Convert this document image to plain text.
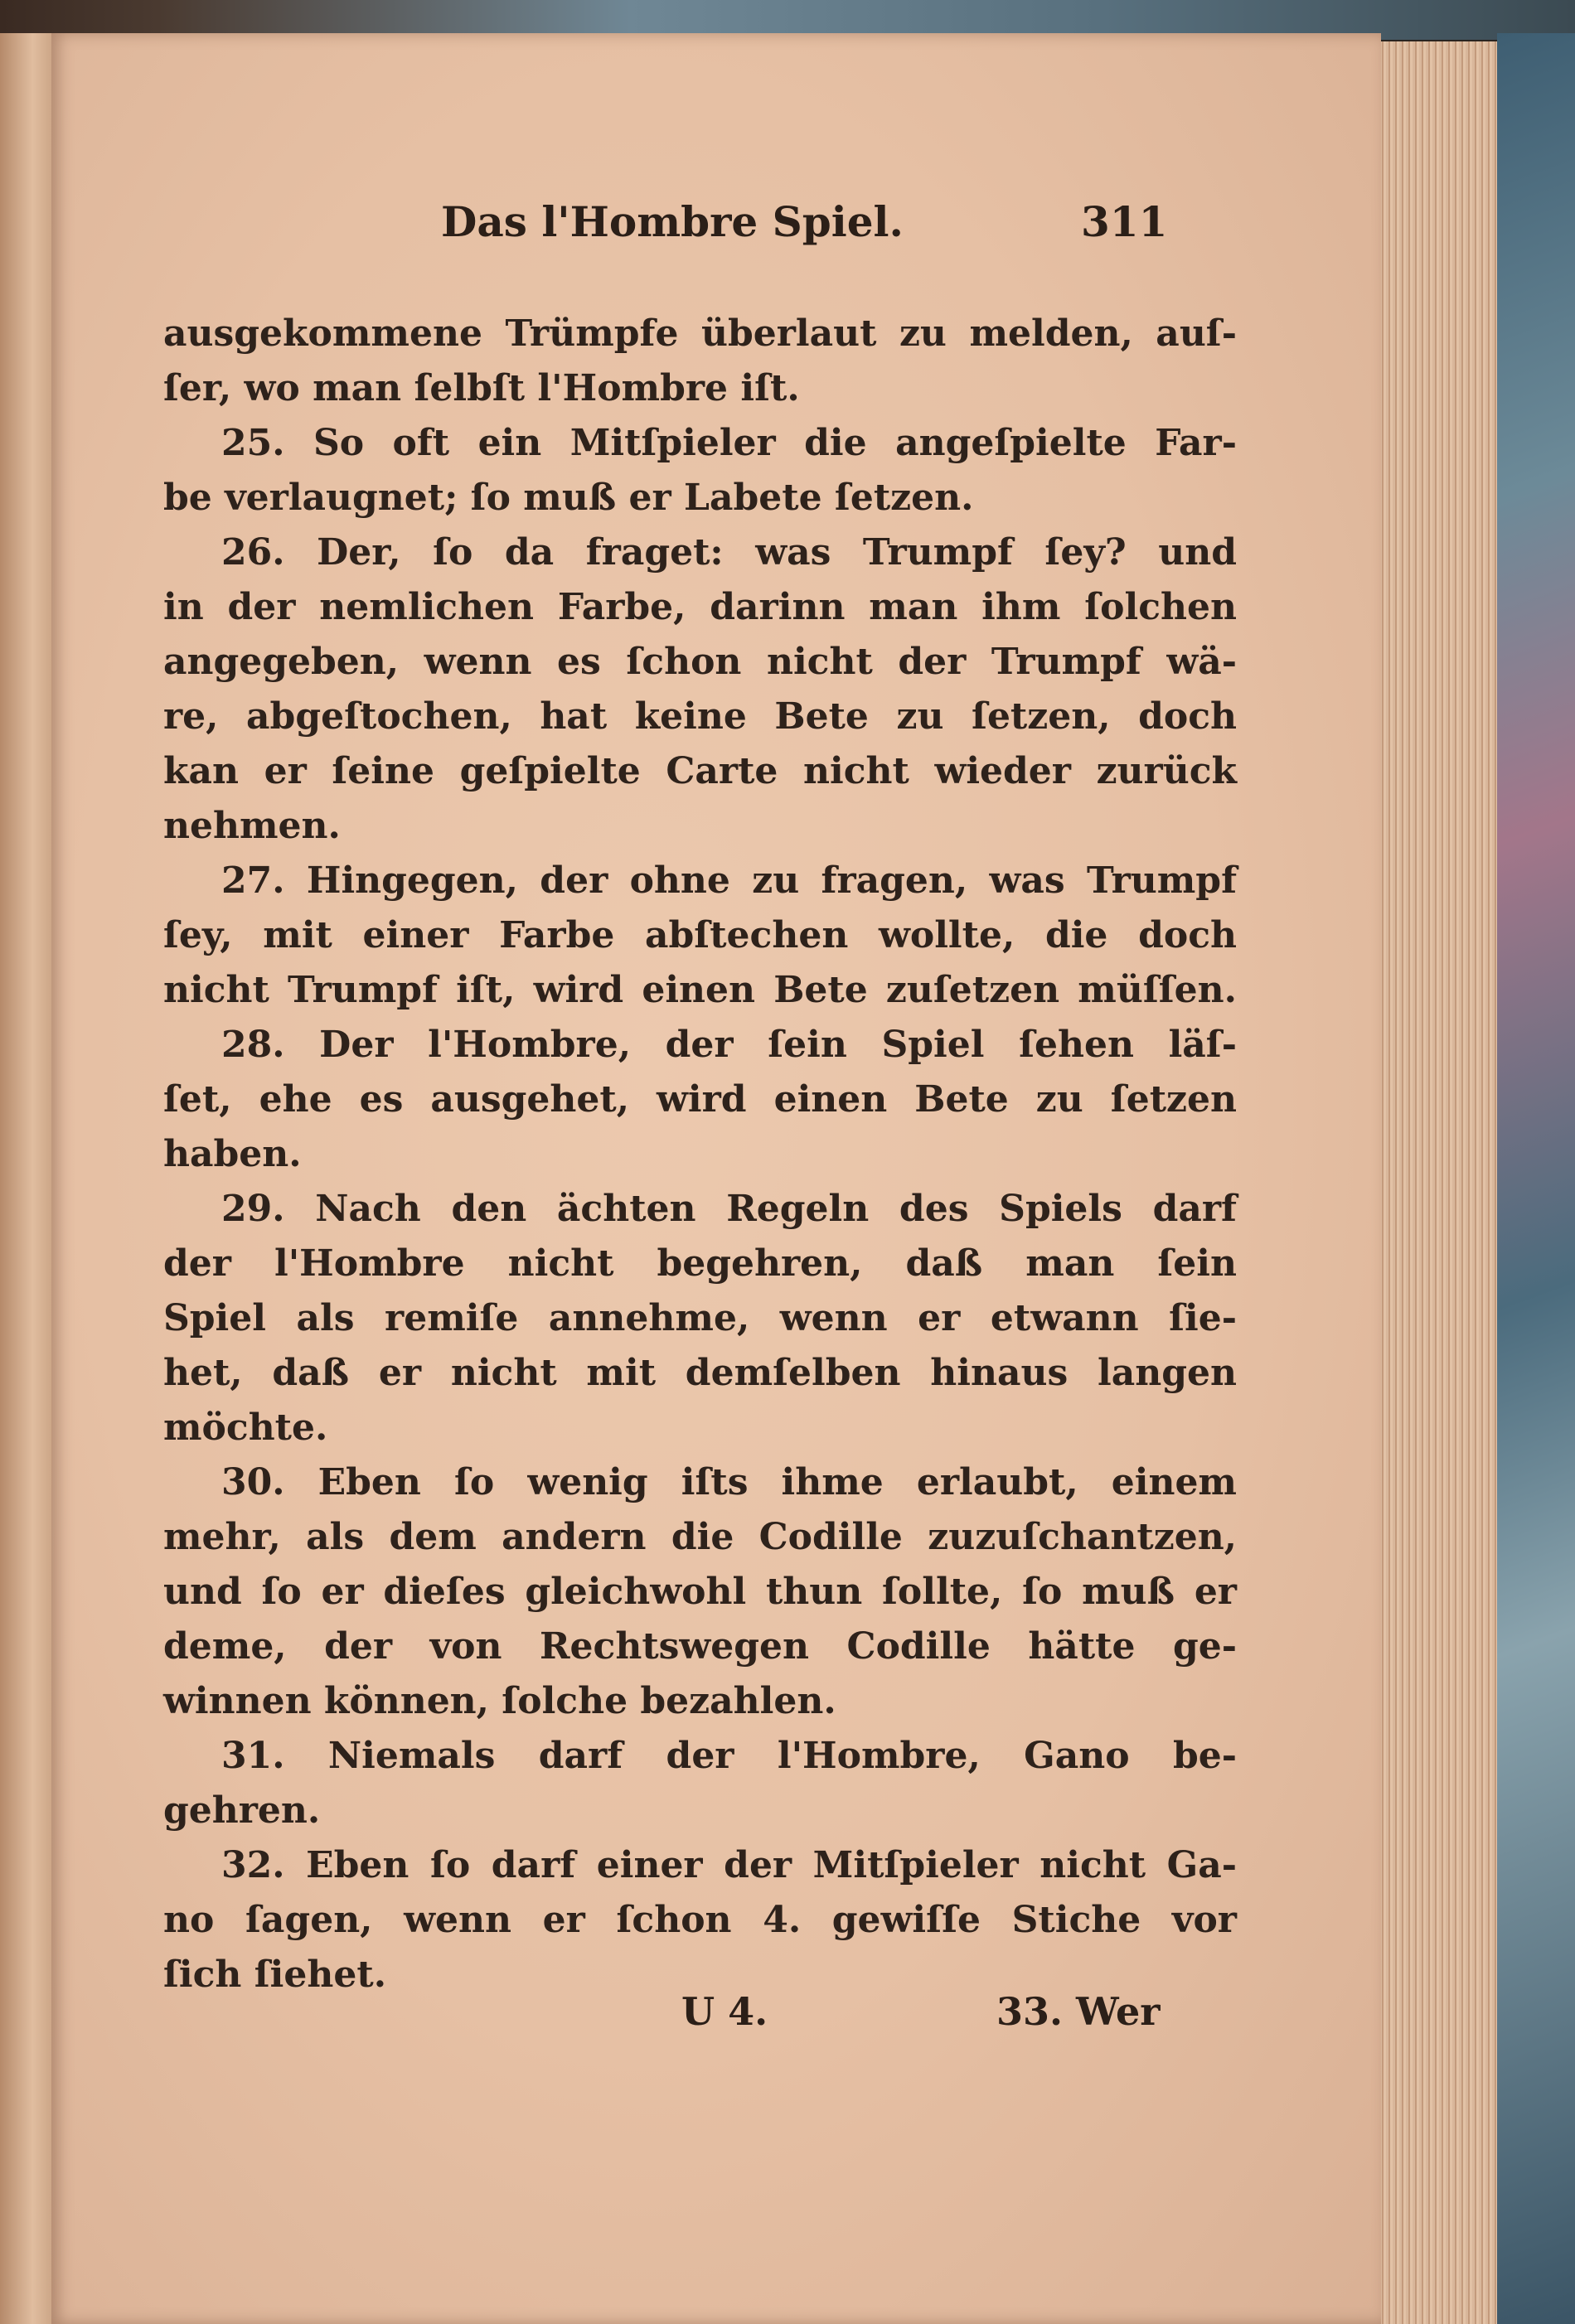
Das l'Hombre Spiel.	311
ausgekommene Trümpfe überlaut zu melden, auſ-
ſer, wo man ſelbſt l'Hombre iſt.
25. So oft ein Mitſpieler die angeſpielte Far-
be verlaugnet; ſo muß er Labete ſetzen.
26. Der, ſo da fraget: was Trumpf ſey? und
in der nemlichen Farbe, darinn man ihm ſolchen
angegeben, wenn es ſchon nicht der Trumpf wä-
re, abgeſtochen, hat keine Bete zu ſetzen, doch
kan er ſeine geſpielte Carte nicht wieder zurück
nehmen.
27. Hingegen, der ohne zu fragen, was Trumpf
ſey, mit einer Farbe abſtechen wollte, die doch
nicht Trumpf iſt, wird einen Bete zuſetzen müſſen.
28. Der l'Hombre, der ſein Spiel ſehen läſ-
ſet, ehe es ausgehet, wird einen Bete zu ſetzen
haben.
29. Nach den ächten Regeln des Spiels darf
der l'Hombre nicht begehren, daß man ſein
Spiel als remiſe annehme, wenn er etwann ſie-
het, daß er nicht mit demſelben hinaus langen
möchte.
30. Eben ſo wenig iſts ihme erlaubt, einem
mehr, als dem andern die Codille zuzuſchantzen,
und ſo er dieſes gleichwohl thun ſollte, ſo muß er
deme, der von Rechtswegen Codille hätte ge-
winnen können, ſolche bezahlen.
31. Niemals darf der l'Hombre, Gano be-
gehren.
32. Eben ſo darf einer der Mitſpieler nicht Ga-
no ſagen, wenn er ſchon 4. gewiſſe Stiche vor
ſich ſiehet.
U 4.	33. Wer
